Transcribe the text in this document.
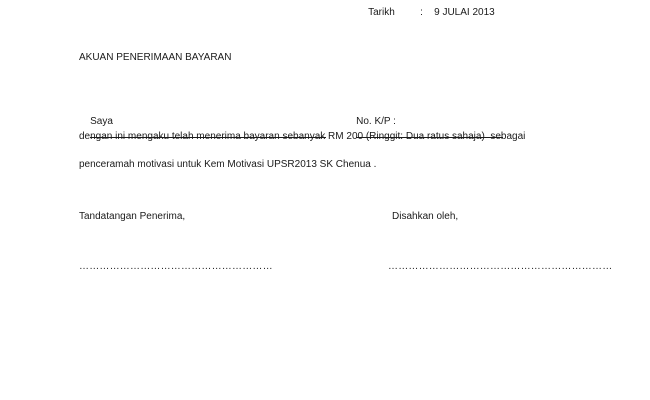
Tarikh	: 9 JULAI 2013

AKUAN PENERIMAAN BAYARAN

Saya

	No. K/P :

dengan ini mengaku telah menerima bayaran sebanyak RM 200 (Ringgit: Dua ratus sahaja)  sebagai
penceramah motivasi untuk Kem Motivasi UPSR2013 SK Chenua .
Tandatangan Penerima,	Disahkan oleh,
…………………………………………………	…………………………………………………………
